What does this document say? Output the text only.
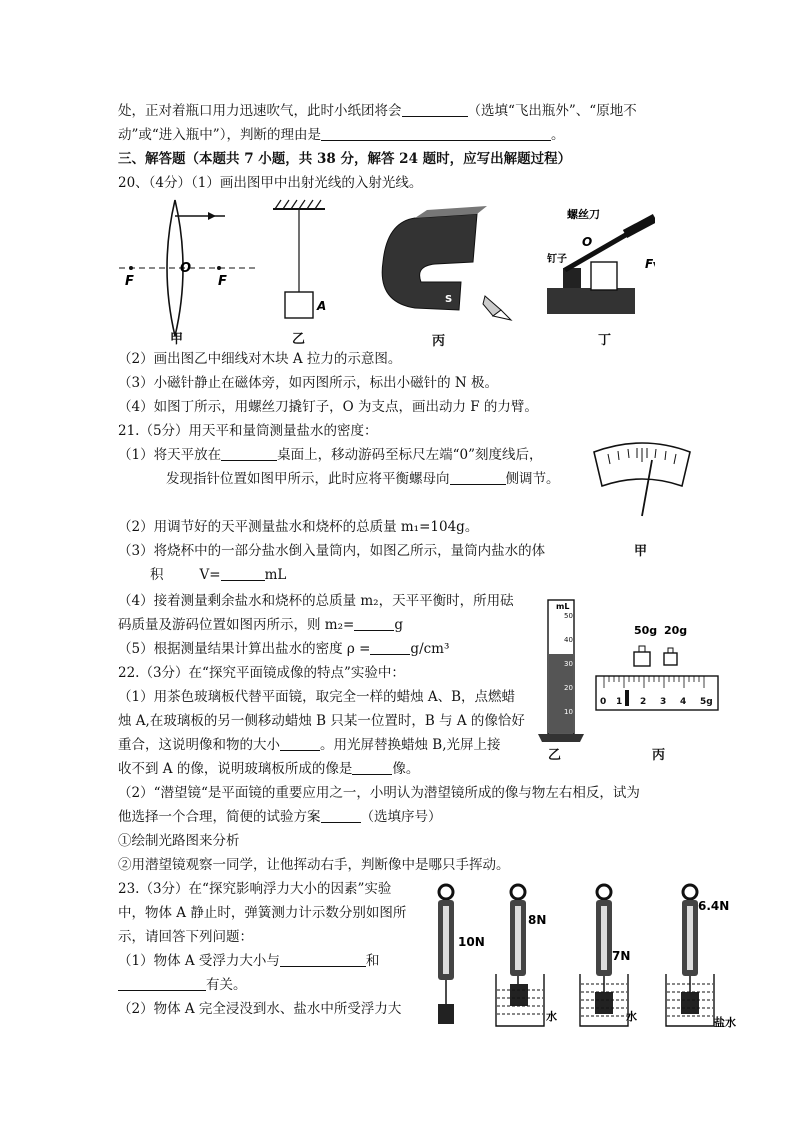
处，正对着瓶口用力迅速吹气，此时小纸团将会	（选填“飞出瓶外”、“原地不
动”或“进入瓶中”），判断的理由是	。
三、解答题（本题共 7 小题，共 38 分，解答 24 题时，应写出解题过程）
20、（4分）（1）画出图甲中出射光线的入射光线。
F
O
F
A	S
螺丝刀
钉子
O
F
甲	乙	丙	丁
（2）画出图乙中细线对木块 A 拉力的示意图。
（3）小磁针静止在磁体旁，如丙图所示，标出小磁针的 N 极。
（4）如图丁所示，用螺丝刀撬钉子，O 为支点，画出动力 F 的力臂。
21.（5分）用天平和量筒测量盐水的密度：
（1）将天平放在	桌面上，移动游码至标尺左端“0”刻度线后，
发现指针位置如图甲所示，此时应将平衡螺母向	侧调节。
甲
（2）用调节好的天平测量盐水和烧杯的总质量 m₁=104g。
（3）将烧杯中的一部分盐水倒入量筒内，如图乙所示，量筒内盐水的体
积	V=	mL
（4）接着测量剩余盐水和烧杯的总质量 m₂，天平平衡时，所用砝
码质量及游码位置如图丙所示，则 m₂=	g
（5）根据测量结果计算出盐水的密度 ρ =	g/cm³
mL
50
40
30
20
10
乙
50g 20g
0 1 2 3 4 5g
丙
22.（3分）在“探究平面镜成像的特点”实验中：
（1）用茶色玻璃板代替平面镜，取完全一样的蜡烛 A、B，点燃蜡
烛 A,在玻璃板的另一侧移动蜡烛 B 只某一位置时，B 与 A 的像恰好
重合，这说明像和物的大小	。用光屏替换蜡烛 B,光屏上接
收不到 A 的像，说明玻璃板所成的像是	像。
（2）“潜望镜“是平面镜的重要应用之一，小明认为潜望镜所成的像与物左右相反，试为
他选择一个合理，简便的试验方案	（选填序号）
①绘制光路图来分析
②用潜望镜观察一同学，让他挥动右手，判断像中是哪只手挥动。
23.（3分）在“探究影响浮力大小的因素”实验
中，物体 A 静止时，弹簧测力计示数分别如图所
示，请回答下列问题：
（1）物体 A 受浮力大小与	和
有关。
（2）物体 A 完全浸没到水、盐水中所受浮力大
10N
8N
水
7N
水
6.4N
盐水
